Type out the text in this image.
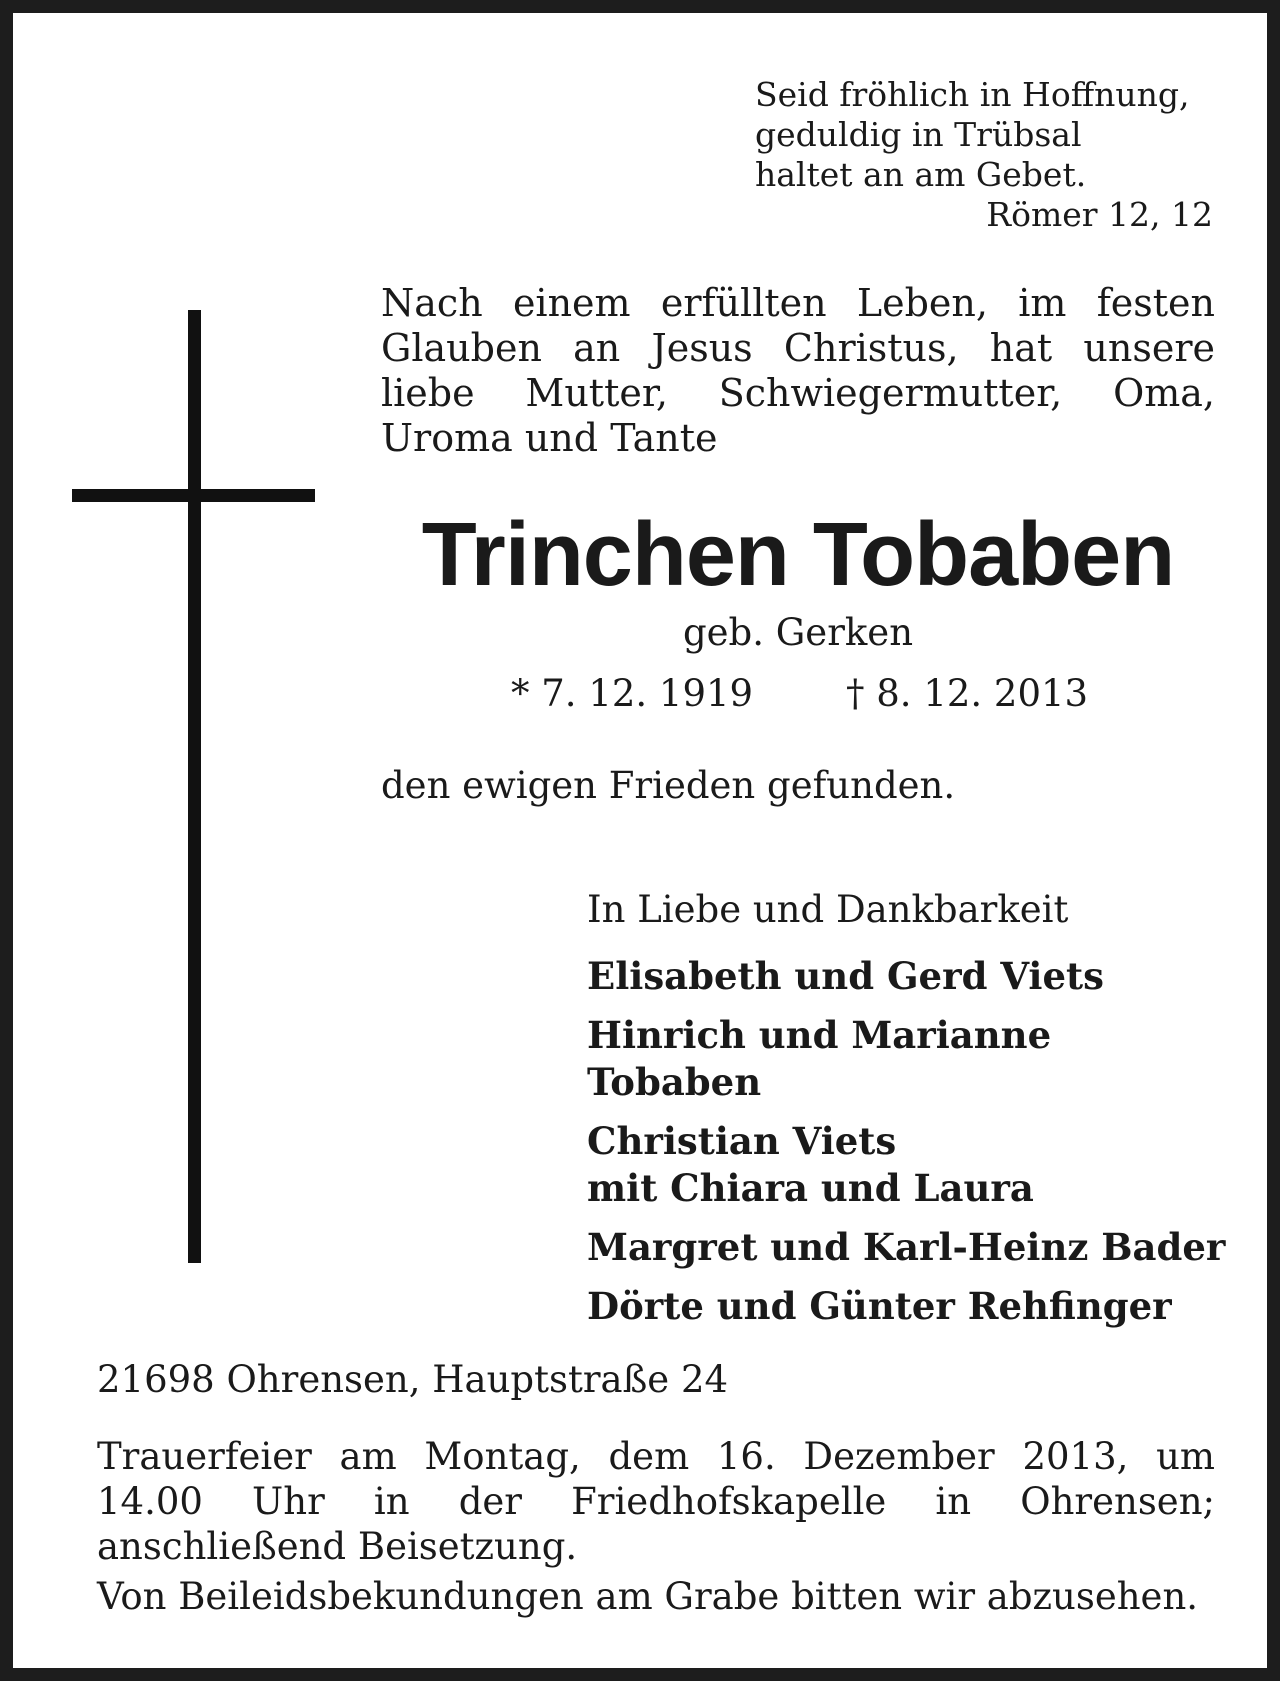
Seid fröhlich in Hoffnung,
geduldig in Trübsal
haltet an am Gebet.
Römer 12, 12
Nach einem erfüllten Leben, im festen Glauben an Jesus Christus, hat unsere liebe Mutter, Schwiegermutter, Oma, Uroma und Tante
Trinchen Tobaben
geb. Gerken
* 7. 12. 1919	† 8. 12. 2013
den ewigen Frieden gefunden.
In Liebe und Dankbarkeit
Elisabeth und Gerd Viets
Hinrich und Marianne Tobaben
Christian Viets
mit Chiara und Laura
Margret und Karl-Heinz Bader
Dörte und Günter Rehfinger
21698 Ohrensen, Hauptstraße 24
Trauerfeier am Montag, dem 16. Dezember 2013, um 14.00 Uhr in der Friedhofskapelle in Ohrensen; anschließend Beisetzung.
Von Beileidsbekundungen am Grabe bitten wir abzusehen.
